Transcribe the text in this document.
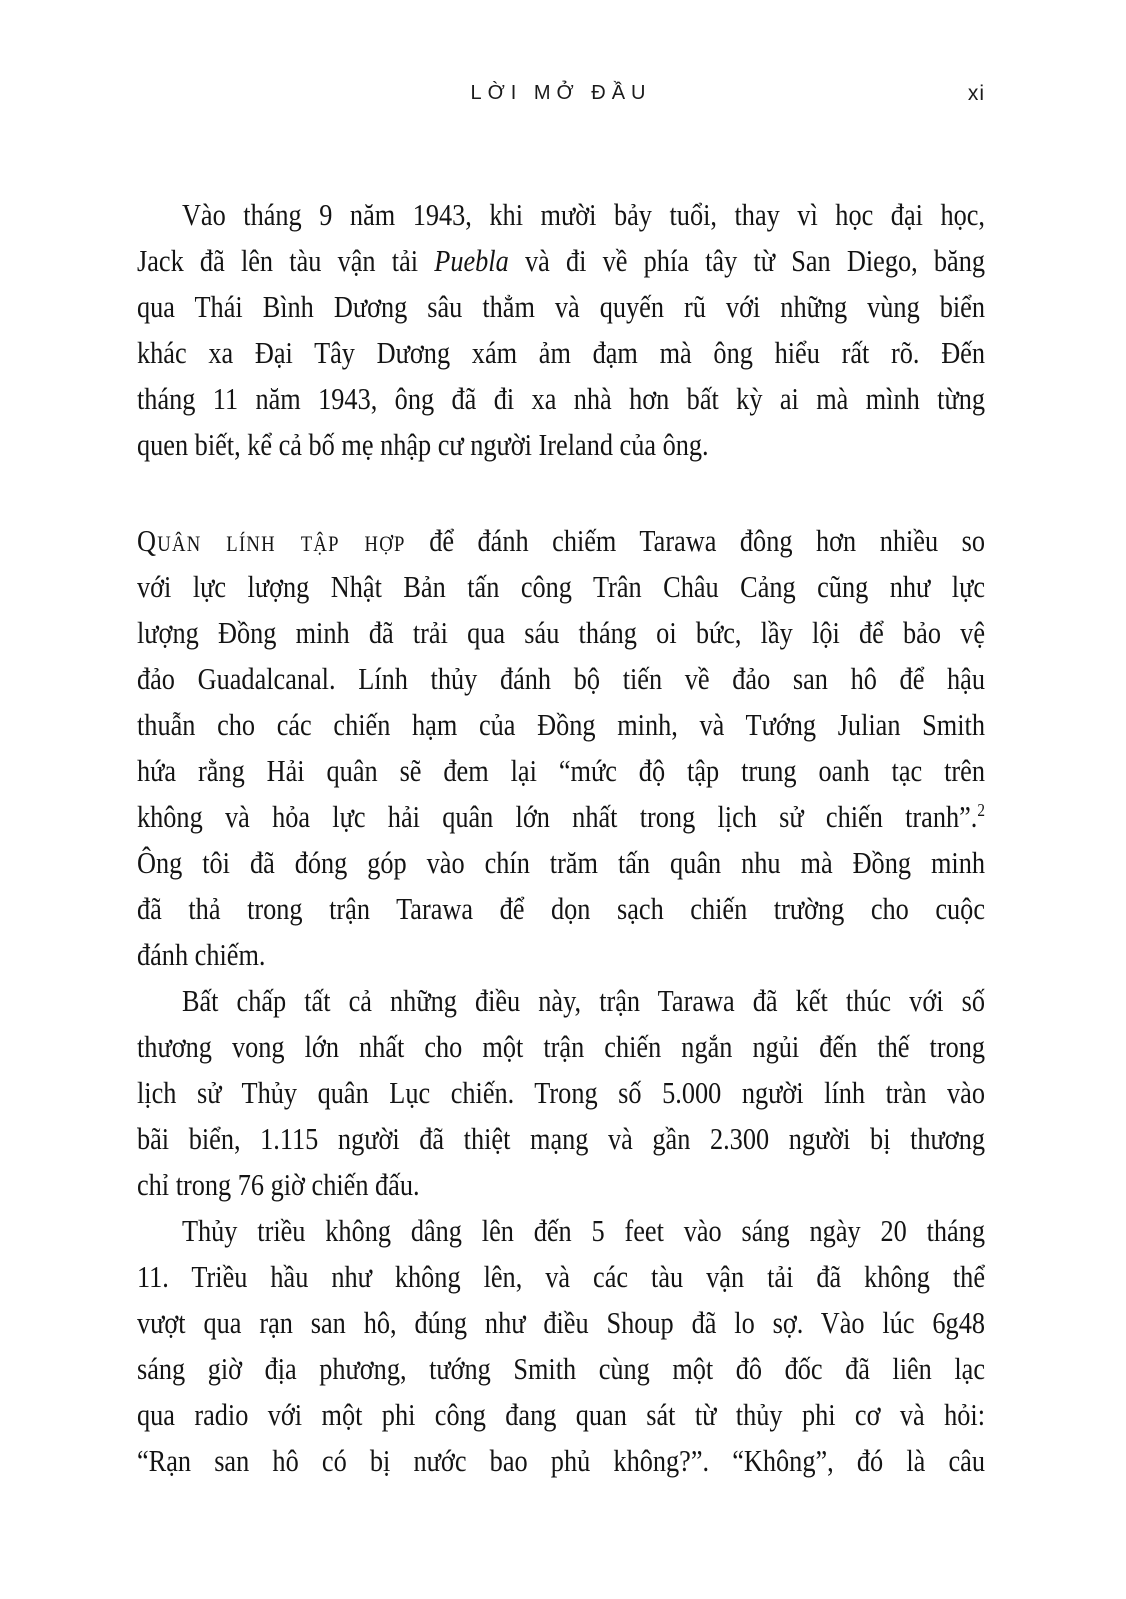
LỜI MỞ ĐẦU	xi
Vào tháng 9 năm 1943, khi mười bảy tuổi, thay vì học đại học,
Jack đã lên tàu vận tải Puebla và đi về phía tây từ San Diego, băng
qua Thái Bình Dương sâu thẳm và quyến rũ với những vùng biển
khác xa Đại Tây Dương xám ảm đạm mà ông hiểu rất rõ. Đến
tháng 11 năm 1943, ông đã đi xa nhà hơn bất kỳ ai mà mình từng
quen biết, kể cả bố mẹ nhập cư người Ireland của ông.
Quân lính tập hợp để đánh chiếm Tarawa đông hơn nhiều so
với lực lượng Nhật Bản tấn công Trân Châu Cảng cũng như lực
lượng Đồng minh đã trải qua sáu tháng oi bức, lầy lội để bảo vệ
đảo Guadalcanal. Lính thủy đánh bộ tiến về đảo san hô để hậu
thuẫn cho các chiến hạm của Đồng minh, và Tướng Julian Smith
hứa rằng Hải quân sẽ đem lại “mức độ tập trung oanh tạc trên
không và hỏa lực hải quân lớn nhất trong lịch sử chiến tranh”.$^2$
Ông tôi đã đóng góp vào chín trăm tấn quân nhu mà Đồng minh
đã thả trong trận Tarawa để dọn sạch chiến trường cho cuộc
đánh chiếm.
Bất chấp tất cả những điều này, trận Tarawa đã kết thúc với số
thương vong lớn nhất cho một trận chiến ngắn ngủi đến thế trong
lịch sử Thủy quân Lục chiến. Trong số 5.000 người lính tràn vào
bãi biển, 1.115 người đã thiệt mạng và gần 2.300 người bị thương
chỉ trong 76 giờ chiến đấu.
Thủy triều không dâng lên đến 5 feet vào sáng ngày 20 tháng
11. Triều hầu như không lên, và các tàu vận tải đã không thể
vượt qua rạn san hô, đúng như điều Shoup đã lo sợ. Vào lúc 6g48
sáng giờ địa phương, tướng Smith cùng một đô đốc đã liên lạc
qua radio với một phi công đang quan sát từ thủy phi cơ và hỏi:
“Rạn san hô có bị nước bao phủ không?”. “Không”, đó là câu
